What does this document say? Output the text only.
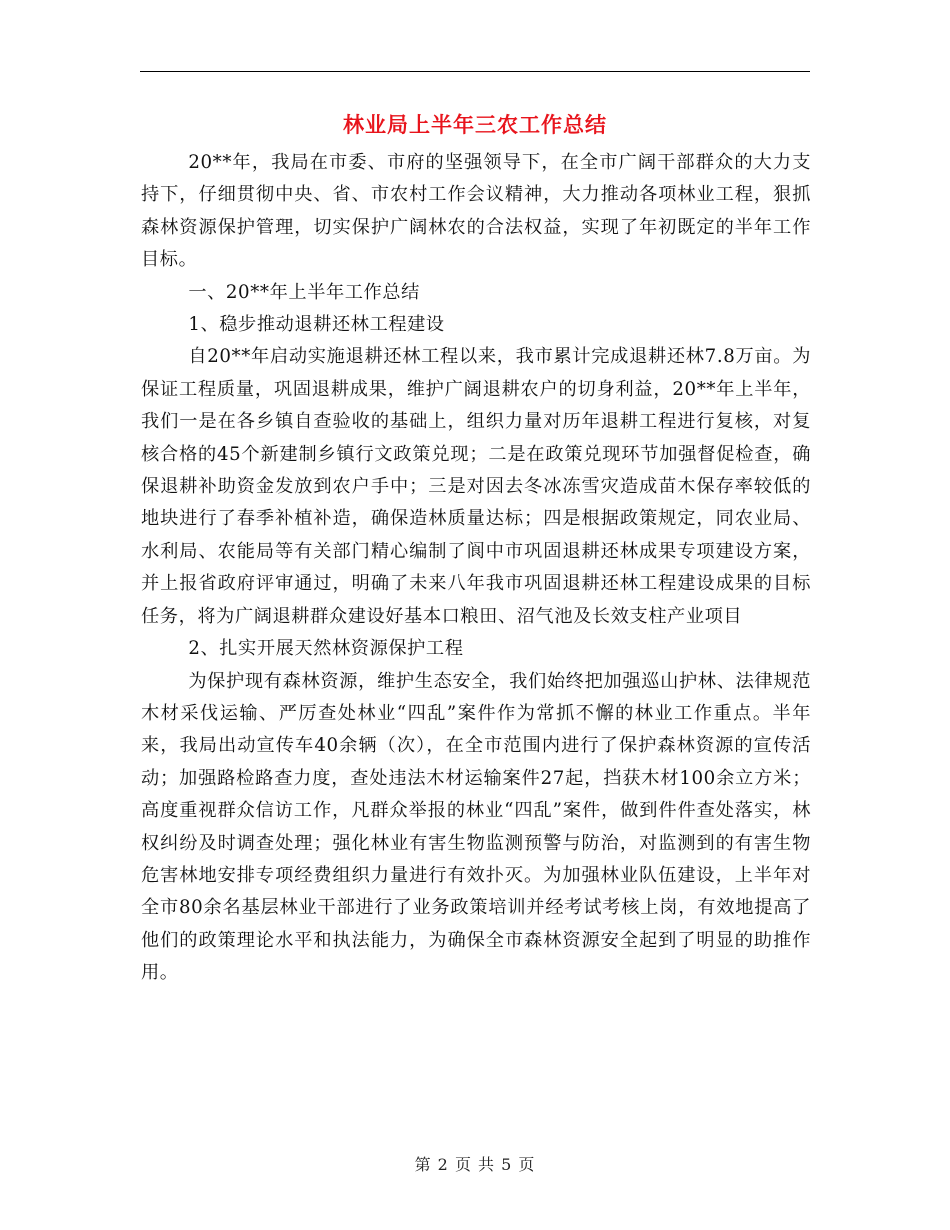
林业局上半年三农工作总结

20**年，我局在市委、市府的坚强领导下，在全市广阔干部群众的大力支持下，仔细贯彻中央、省、市农村工作会议精神，大力推动各项林业工程，狠抓森林资源保护管理，切实保护广阔林农的合法权益，实现了年初既定的半年工作目标。

一、20**年上半年工作总结

1、稳步推动退耕还林工程建设

自20**年启动实施退耕还林工程以来，我市累计完成退耕还林7.8万亩。为保证工程质量，巩固退耕成果，维护广阔退耕农户的切身利益，20**年上半年，我们一是在各乡镇自查验收的基础上，组织力量对历年退耕工程进行复核，对复核合格的45个新建制乡镇行文政策兑现；二是在政策兑现环节加强督促检查，确保退耕补助资金发放到农户手中；三是对因去冬冰冻雪灾造成苗木保存率较低的地块进行了春季补植补造，确保造林质量达标；四是根据政策规定，同农业局、水利局、农能局等有关部门精心编制了阆中市巩固退耕还林成果专项建设方案，并上报省政府评审通过，明确了未来八年我市巩固退耕还林工程建设成果的目标任务，将为广阔退耕群众建设好基本口粮田、沼气池及长效支柱产业项目

2、扎实开展天然林资源保护工程

为保护现有森林资源，维护生态安全，我们始终把加强巡山护林、法律规范木材采伐运输、严厉查处林业“四乱”案件作为常抓不懈的林业工作重点。半年来，我局出动宣传车40余辆（次），在全市范围内进行了保护森林资源的宣传活动；加强路检路查力度，查处违法木材运输案件27起，挡获木材100余立方米；高度重视群众信访工作，凡群众举报的林业“四乱”案件，做到件件查处落实，林权纠纷及时调查处理；强化林业有害生物监测预警与防治，对监测到的有害生物危害林地安排专项经费组织力量进行有效扑灭。为加强林业队伍建设，上半年对全市80余名基层林业干部进行了业务政策培训并经考试考核上岗，有效地提高了他们的政策理论水平和执法能力，为确保全市森林资源安全起到了明显的助推作用。

第 2 页 共 5 页
